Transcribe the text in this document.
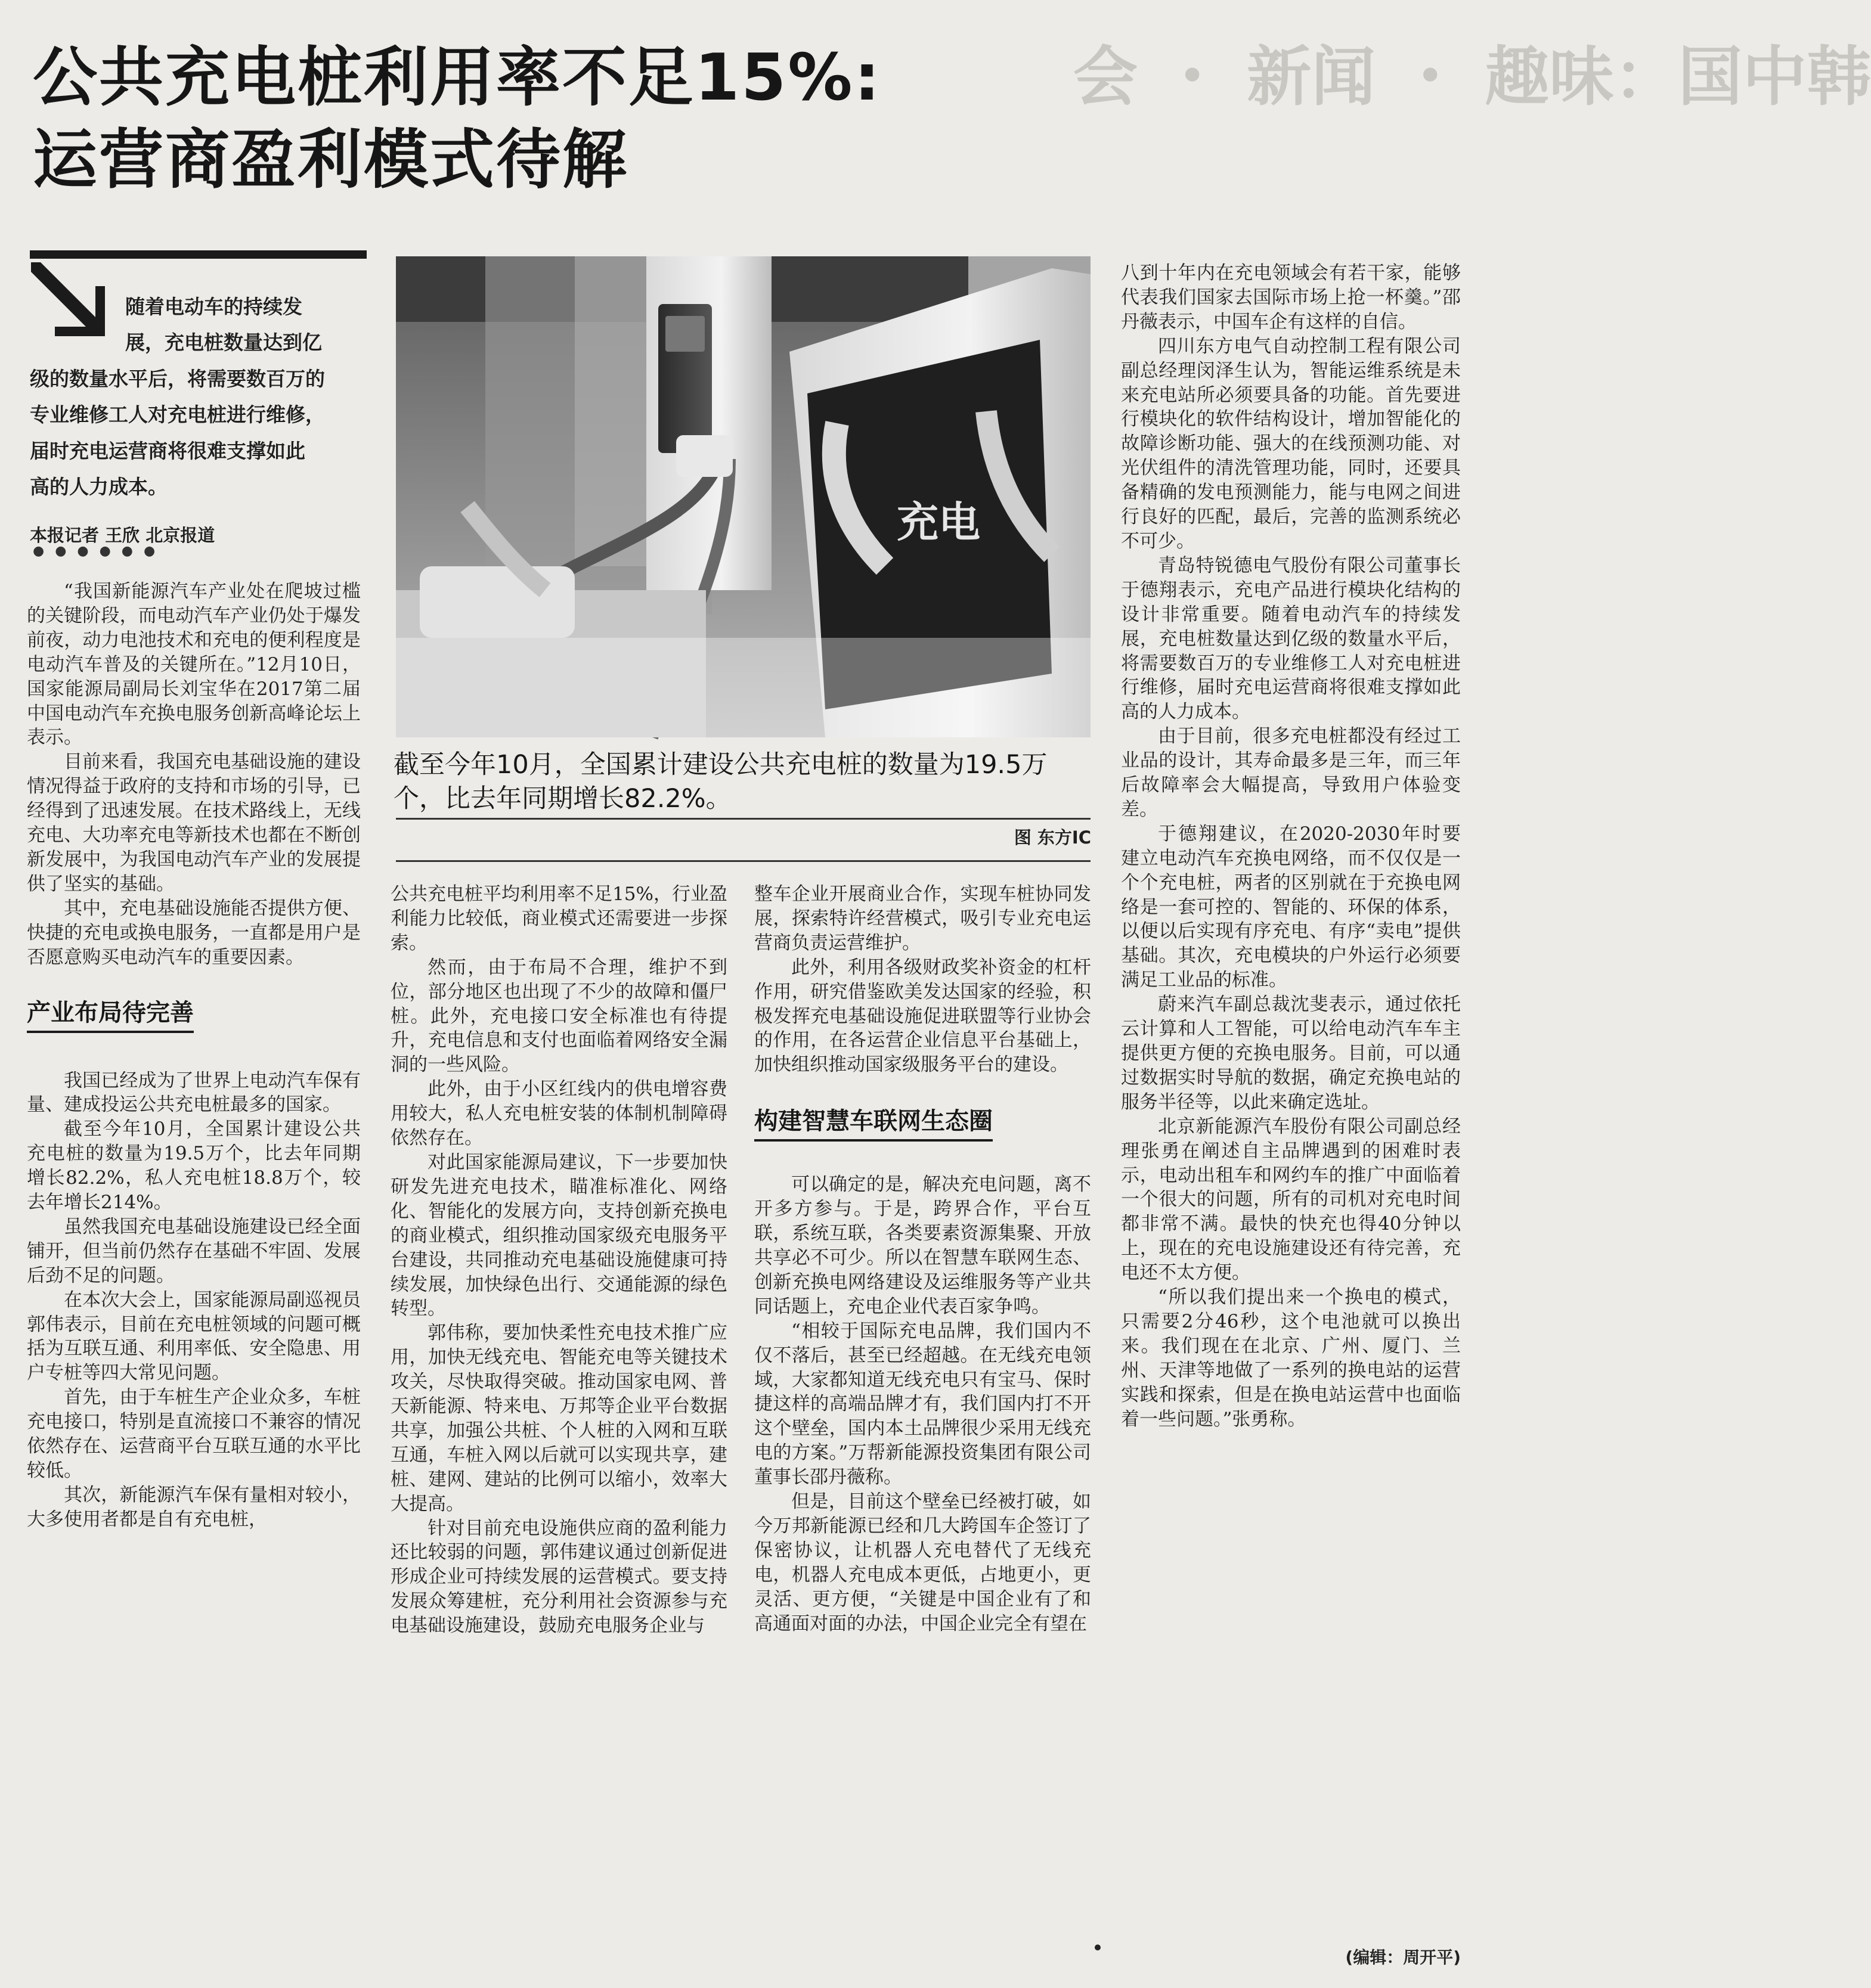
公共充电桩利用率不足15%:
运营商盈利模式待解
会 ・ 新闻 ・ 趣味：国中韩
随着电动车的持续发
展，充电桩数量达到亿
级的数量水平后，将需要数百万的
专业维修工人对充电桩进行维修，
届时充电运营商将很难支撑如此
高的人力成本。
本报记者 王欣 北京报道
●●●●●●
充电
截至今年10月，全国累计建设公共充电桩的数量为19.5万个，比去年同期增长82.2%。
图 东方IC

“我国新能源汽车产业处在爬坡过槛的关键阶段，而电动汽车产业仍处于爆发前夜，动力电池技术和充电的便利程度是电动汽车普及的关键所在。”12月10日，国家能源局副局长刘宝华在2017第二届中国电动汽车充换电服务创新高峰论坛上表示。

目前来看，我国充电基础设施的建设情况得益于政府的支持和市场的引导，已经得到了迅速发展。在技术路线上，无线充电、大功率充电等新技术也都在不断创新发展中，为我国电动汽车产业的发展提供了坚实的基础。

其中，充电基础设施能否提供方便、快捷的充电或换电服务，一直都是用户是否愿意购买电动汽车的重要因素。

产业布局待完善

我国已经成为了世界上电动汽车保有量、建成投运公共充电桩最多的国家。

截至今年10月，全国累计建设公共充电桩的数量为19.5万个，比去年同期增长82.2%，私人充电桩18.8万个，较去年增长214%。

虽然我国充电基础设施建设已经全面铺开，但当前仍然存在基础不牢固、发展后劲不足的问题。

在本次大会上，国家能源局副巡视员郭伟表示，目前在充电桩领域的问题可概括为互联互通、利用率低、安全隐患、用户专桩等四大常见问题。

首先，由于车桩生产企业众多，车桩充电接口，特别是直流接口不兼容的情况依然存在、运营商平台互联互通的水平比较低。

其次，新能源汽车保有量相对较小，大多使用者都是自有充电桩，

公共充电桩平均利用率不足15%，行业盈利能力比较低，商业模式还需要进一步探索。

然而，由于布局不合理，维护不到位，部分地区也出现了不少的故障和僵尸桩。此外，充电接口安全标准也有待提升，充电信息和支付也面临着网络安全漏洞的一些风险。

此外，由于小区红线内的供电增容费用较大，私人充电桩安装的体制机制障碍依然存在。

对此国家能源局建议，下一步要加快研发先进充电技术，瞄准标准化、网络化、智能化的发展方向，支持创新充换电的商业模式，组织推动国家级充电服务平台建设，共同推动充电基础设施健康可持续发展，加快绿色出行、交通能源的绿色转型。

郭伟称，要加快柔性充电技术推广应用，加快无线充电、智能充电等关键技术攻关，尽快取得突破。推动国家电网、普天新能源、特来电、万邦等企业平台数据共享，加强公共桩、个人桩的入网和互联互通，车桩入网以后就可以实现共享，建桩、建网、建站的比例可以缩小，效率大大提高。

针对目前充电设施供应商的盈利能力还比较弱的问题，郭伟建议通过创新促进形成企业可持续发展的运营模式。要支持发展众筹建桩，充分利用社会资源参与充电基础设施建设，鼓励充电服务企业与

整车企业开展商业合作，实现车桩协同发展，探索特许经营模式，吸引专业充电运营商负责运营维护。

此外，利用各级财政奖补资金的杠杆作用，研究借鉴欧美发达国家的经验，积极发挥充电基础设施促进联盟等行业协会的作用，在各运营企业信息平台基础上，加快组织推动国家级服务平台的建设。

构建智慧车联网生态圈

可以确定的是，解决充电问题，离不开多方参与。于是，跨界合作，平台互联，系统互联，各类要素资源集聚、开放共享必不可少。所以在智慧车联网生态、创新充换电网络建设及运维服务等产业共同话题上，充电企业代表百家争鸣。

“相较于国际充电品牌，我们国内不仅不落后，甚至已经超越。在无线充电领域，大家都知道无线充电只有宝马、保时捷这样的高端品牌才有，我们国内打不开这个壁垒，国内本土品牌很少采用无线充电的方案。”万帮新能源投资集团有限公司董事长邵丹薇称。

但是，目前这个壁垒已经被打破，如今万邦新能源已经和几大跨国车企签订了保密协议，让机器人充电替代了无线充电，机器人充电成本更低，占地更小，更灵活、更方便，“关键是中国企业有了和高通面对面的办法，中国企业完全有望在

八到十年内在充电领域会有若干家，能够代表我们国家去国际市场上抢一杯羹。”邵丹薇表示，中国车企有这样的自信。

四川东方电气自动控制工程有限公司副总经理闵泽生认为，智能运维系统是未来充电站所必须要具备的功能。首先要进行模块化的软件结构设计，增加智能化的故障诊断功能、强大的在线预测功能、对光伏组件的清洗管理功能，同时，还要具备精确的发电预测能力，能与电网之间进行良好的匹配，最后，完善的监测系统必不可少。

青岛特锐德电气股份有限公司董事长于德翔表示，充电产品进行模块化结构的设计非常重要。随着电动汽车的持续发展，充电桩数量达到亿级的数量水平后，将需要数百万的专业维修工人对充电桩进行维修，届时充电运营商将很难支撑如此高的人力成本。

由于目前，很多充电桩都没有经过工业品的设计，其寿命最多是三年，而三年后故障率会大幅提高，导致用户体验变差。

于德翔建议，在2020-2030年时要建立电动汽车充换电网络，而不仅仅是一个个充电桩，两者的区别就在于充换电网络是一套可控的、智能的、环保的体系，以便以后实现有序充电、有序“卖电”提供基础。其次，充电模块的户外运行必须要满足工业品的标准。

蔚来汽车副总裁沈斐表示，通过依托云计算和人工智能，可以给电动汽车车主提供更方便的充换电服务。目前，可以通过数据实时导航的数据，确定充换电站的服务半径等，以此来确定选址。

北京新能源汽车股份有限公司副总经理张勇在阐述自主品牌遇到的困难时表示，电动出租车和网约车的推广中面临着一个很大的问题，所有的司机对充电时间都非常不满。最快的快充也得40分钟以上，现在的充电设施建设还有待完善，充电还不太方便。

“所以我们提出来一个换电的模式，只需要2分46秒，这个电池就可以换出来。我们现在在北京、广州、厦门、兰州、天津等地做了一系列的换电站的运营实践和探索，但是在换电站运营中也面临着一些问题。”张勇称。

(编辑：周开平)
